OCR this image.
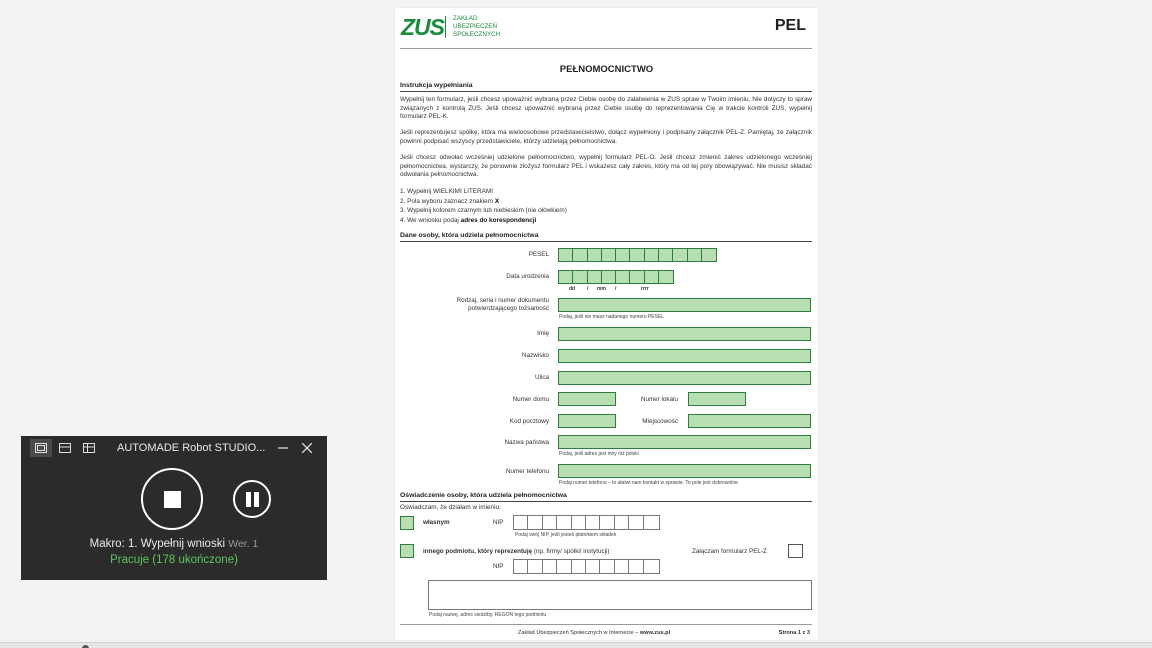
ZUS ZAKŁAD
UBEZPIECZEŃ
SPOŁECZNYCH
PEL
PEŁNOMOCNICTWO
Instrukcja wypełniania
Wypełnij ten formularz, jeśli chcesz upoważnić wybraną przez Ciebie osobę do załatwienia w ZUS spraw w Twoim imieniu. Nie dotyczy to spraw związanych z kontrolą ZUS. Jeśli chcesz upoważnić wybraną przez Ciebie osobę do reprezentowania Cię w trakcie kontroli ZUS, wypełnij formularz PEL-K.
Jeśli reprezentujesz spółkę, która ma wieloosobowe przedstawicielstwo, dołącz wypełniony i podpisany załącznik PEL-Z. Pamiętaj, że załącznik powinni podpisać wszyscy przedstawiciele, którzy udzielają pełnomocnictwa.
Jeśli chcesz odwołać wcześniej udzielone pełnomocnictwo, wypełnij formularz PEL-O. Jeśli chcesz zmienić zakres udzielonego wcześniej pełnomocnictwa, wystarczy, że ponownie złożysz formularz PEL i wskażesz cały zakres, który ma od tej pory obowiązywać. Nie musisz składać odwołania pełnomocnictwa.
1. Wypełnij WIELKIMI LITERAMI
2. Pola wyboru zaznacz znakiem X
3. Wypełnij kolorem czarnym lub niebieskim (nie ołówkiem)
4. We wniosku podaj adres do korespondencji
Dane osoby, która udziela pełnomocnictwa
PESEL
Data urodzenia
dd / mm /	rrrr
Rodzaj, seria i numer dokumentu
potwierdzającego tożsamość
Podaj, jeśli nie masz nadanego numeru PESEL
Imię
Nazwisko
Ulica
Numer domu	Numer lokalu
Kod pocztowy	Miejscowość
Nazwa państwa
Podaj, jeśli adres jest inny niż polski
Numer telefonu
Podaj numer telefonu – to ułatwi nam kontakt w sprawie. To pole jest dobrowolne
Oświadczenie osoby, która udziela pełnomocnictwa
Oświadczam, że działam w imieniu:
własnym	NIP
Podaj swój NIP, jeśli jesteś płatnikiem składek
innego podmiotu, który reprezentuję (np. firmy/ spółki/ instytucji)	Załączam formularz PEL-Z
NIP
Podaj nazwę, adres siedziby, REGON tego podmiotu
Zakład Ubezpieczeń Społecznych w Internecie – www.zus.pl	Strona 1 z 3
AUTOMADE Robot STUDIO...
Makro: 1. Wypełnij wnioski Wer. 1
Pracuje (178 ukończone)
